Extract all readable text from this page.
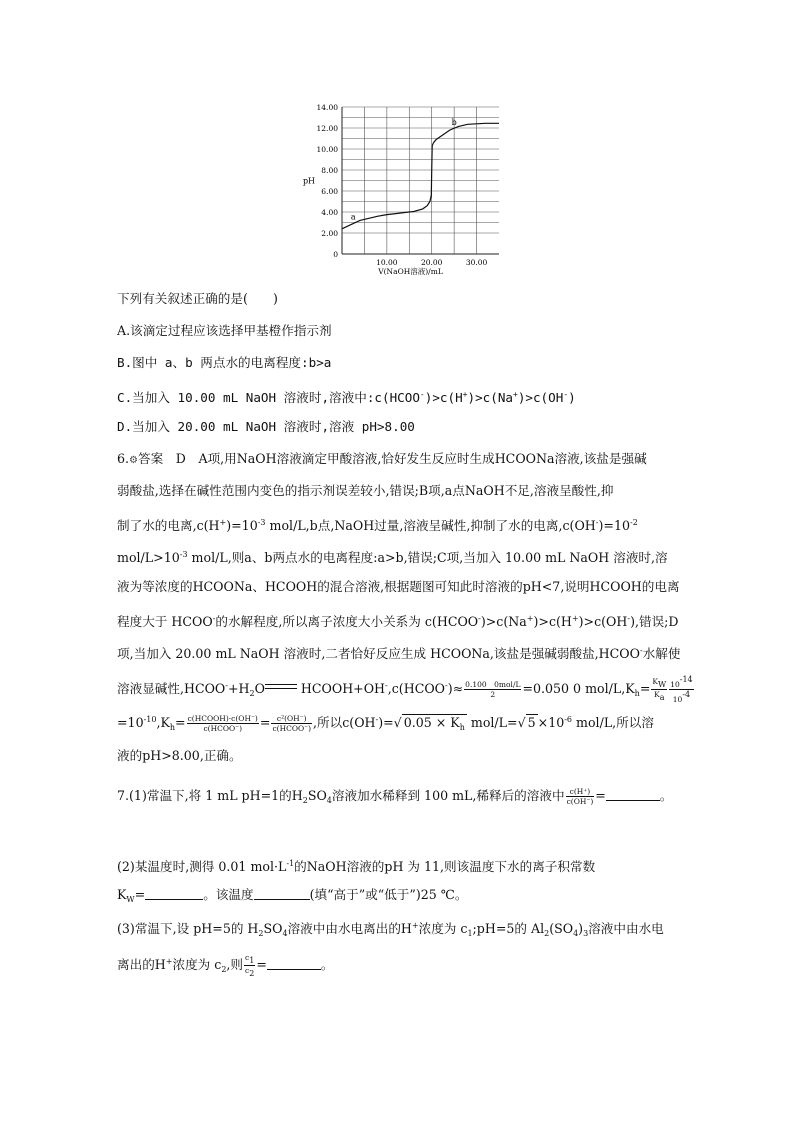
0
2.00
4.00
6.00
8.00
10.00
12.00
14.00
10.00	20.00	30.00
V(NaOH溶液)/mL
pH
a
b
下列有关叙述正确的是(　　)
A.该滴定过程应该选择甲基橙作指示剂
B.图中 a、b 两点水的电离程度:b>a
C.当加入 10.00 mL NaOH 溶液时,溶液中:c(HCOO-)>c(H+)>c(Na+)>c(OH-)
D.当加入 20.00 mL NaOH 溶液时,溶液 pH>8.00
6.⚙答案　 D　 A项,用NaOH溶液滴定甲酸溶液,恰好发生反应时生成HCOONa溶液,该盐是强碱
弱酸盐,选择在碱性范围内变色的指示剂误差较小,错误;B项,a点NaOH不足,溶液呈酸性,抑
制了水的电离$,c(H^+)=10^{-3}$ mol/L,b点,NaOH过量,溶液呈碱性,抑制了水的电离$,c(OH^-)=10^{-2}$
mol/$L>10^{-3}$ mol/L,则a、b两点水的电离程度:a>b,错误;C项,当加入 10.00 mL NaOH 溶液时,溶
液为等浓度的HCOONa、HCOOH的混合溶液,根据题图可知此时溶液的pH<7,说明HCOOH的电离
程度大于 HCOO-的水解程度,所以离子浓度大小关系为 c(HCOO-)>c(Na+)>c(H+)>c(OH-),错误;D
项,当加入 20.00 mL NaOH 溶液时,二者恰好反应生成 HCOONa,该盐是强碱弱酸盐,HCOO-水解使
溶液显碱性$,HCOO^-+H_2O$	HCOOH+OH-,c(HCOO-)≈ $\frac{\text{0.100　0mol/L}}{2} =0.050$ 0 mol/$L,K_h= \frac{KW}{Ka} \frac{10-14}{10-4}$
$=10^{-10},K_h= \frac{\text{c(HCOOH)·c(OH⁻)}}{\text{c(HCOO⁻)}} = \frac{\text{c²(OH⁻)}}{\text{c(HCOO⁻)}}$ ,所以c(OH-)=√ $0.05 \times K_h$ mol/L=√ $5 \times 10^{-6}$ mol/L,所以溶
液的pH>8.00,正确。
7.(1)常温下,将 1 mL pH=1的$H_2SO_4$溶液加水稀释到 100 mL,稀释后的溶液中 $\frac{c(H^+)}{c(OH^-)}$ =	。
(2)某温度时,测得 0.01 $mol\cdot L^{-1}$的NaOH溶液的pH 为 11,则该温度下水的离子积常数
$K_W=$	。该温度	(填“高于”或“低于”)25 ℃。
(3)常温下,设 pH=5的 $H_2SO_4$溶液中由水电离出的H+浓度为 $c_1;pH=5$的 $Al_2(SO_4)_3$溶液中由水电
离出的H+浓度为 $c_2$,则 $\frac{c1}{c2}$ =	。
